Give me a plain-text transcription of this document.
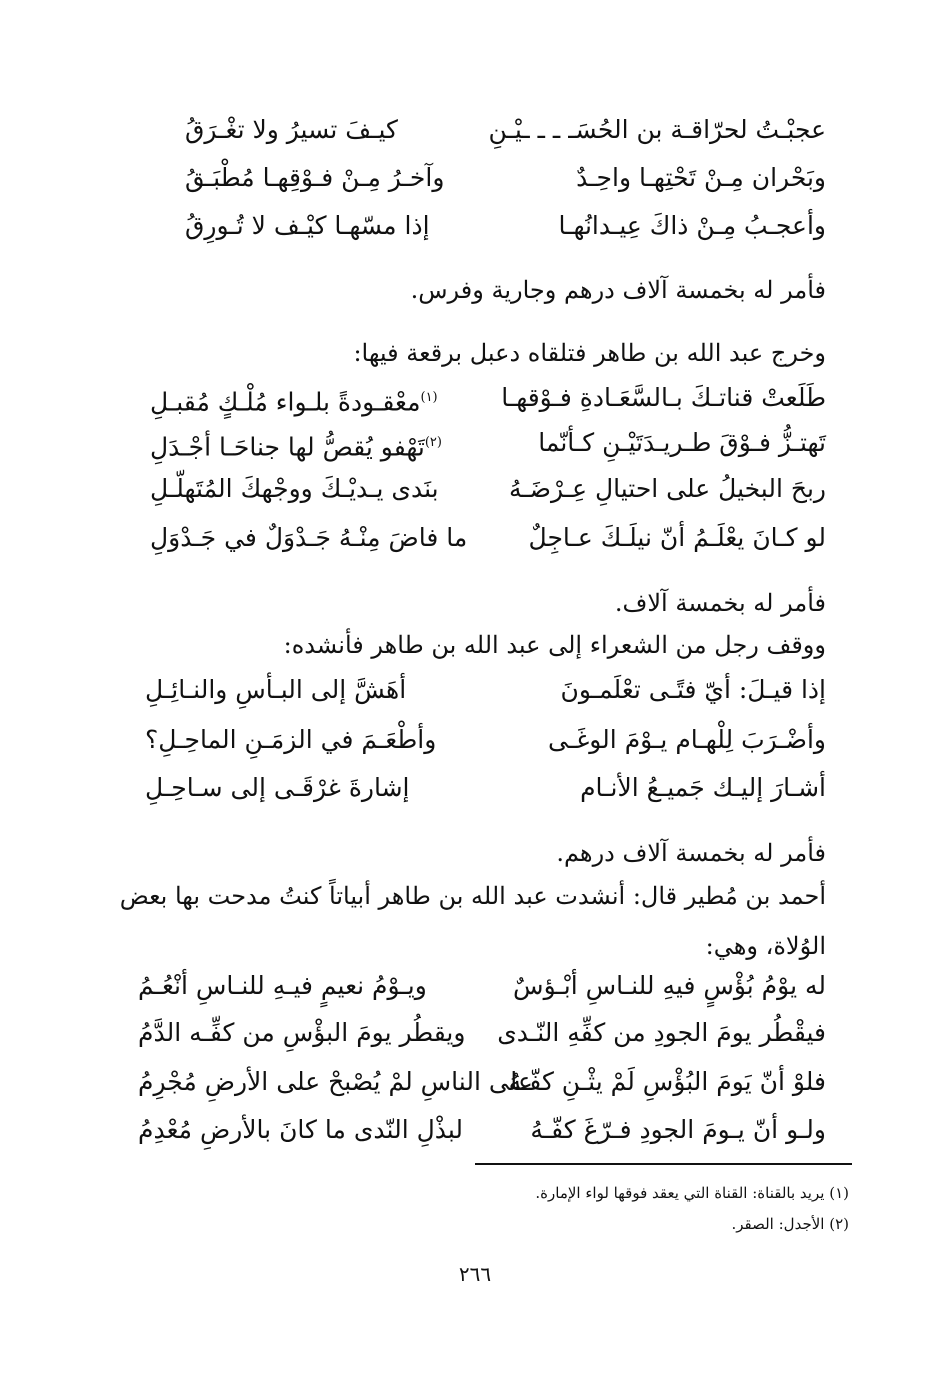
عجبْـتُ لحرّاقـة بن الحُسَـ ـ ـ ـيْـنِ
كيـفَ تسيرُ ولا تغْـرَقُ
وبَحْران مِـنْ تَحْتِهـا واحِـدٌ
وآخـرُ مِـنْ فـوْقِهـا مُطْبَـقُ
وأعجـبُ مِـنْ ذاكَ عِيـدانُهـا
إذا مسّهـا كيْـف لا تُـورِقُ
فأمر له بخمسة آلاف درهم وجارية وفرس.
وخرج عبد الله بن طاهر فتلقاه دعبل برقعة فيها:
طَلَعتْ قناتـكَ بـالسَّعَـادةِ فـوْقهـا
$^{(١)}$معْقـودةً بلـواء مُلْـكٍ مُقبـلِ
تَهتـزُّ فـوْقَ طـريـدَتَيْـنِ كـأنّما
$^{(٢)}$تَهْفو يُقصُّ لها جناحَـا أجْـدَلِ
ربحَ البخيلُ على احتيالِ عِـرْضَـهُ
بنَدى يـديْـكَ ووجْهكَ المُتَهلّـلِ
لو كـانَ يعْلَـمُ أنّ نيلَـكَ عـاجِلٌ
ما فاضَ مِنْـهُ جَـدْوَلٌ في جَـدْوَلِ
فأمر له بخمسة آلاف.
ووقف رجل من الشعراء إلى عبد الله بن طاهر فأنشده:
إذا قيـلَ: أيّ فتًـى تعْلَمـونَ
أهَشَّ إلى البـأسِ والنـائِـلِ
وأضْـرَبَ لِلْهـام يـوْمَ الوغَـى
وأطْعَـمَ في الزمَـنِ الماحِـلِ؟
أشـارَ إليـك جَميـعُ الأنـام
إشارةَ غرْقَـى إلى سـاحِـلِ
فأمر له بخمسة آلاف درهم.
أحمد بن مُطير قال: أنشدت عبد الله بن طاهر أبياتاً كنتُ مدحت بها بعض
الوُلاة، وهي:
له يوْمُ بُؤْسٍ فيهِ للنـاسِ أبْـؤسٌ
ويـوْمُ نعيمٍ فيـهِ للنـاسِ أنْعُـمُ
فيقْطُر يومَ الجودِ من كفِّهِ النّـدى
ويقطُر يومَ البؤْسِ من كفِّـه الدَّمُ
فلوْ أنّ يَومَ البُؤْسِ لَمْ يثْـنِ كفّـهُ
على الناسِ لمْ يُصْبحْ على الأرضِ مُجْرِمُ
ولـو أنّ يـومَ الجودِ فـرّغَ كفّـهُ
لبذْلِ النّدى ما كانَ بالأرضِ مُعْدِمُ
(١) يريد بالقناة: القناة التي يعقد فوقها لواء الإمارة.
(٢) الأجدل: الصقر.
٢٦٦
